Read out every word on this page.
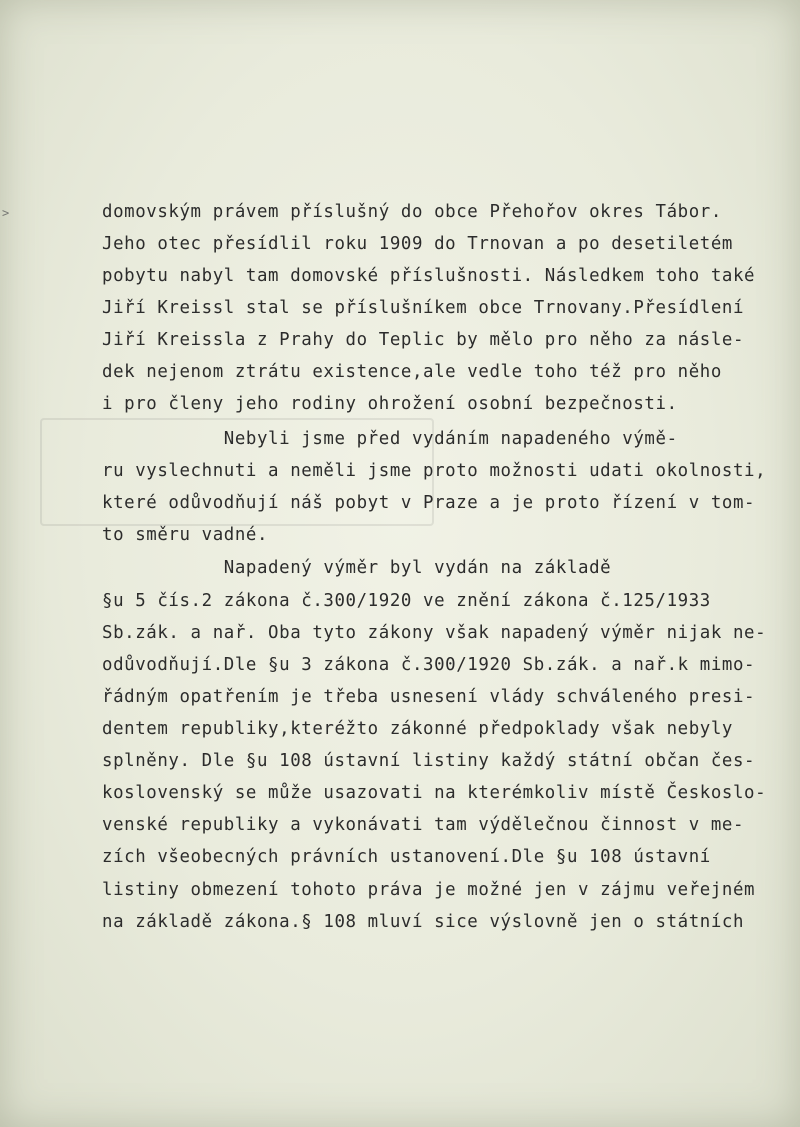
>	domovským právem příslušný do obce Přehořov okres Tábor.
Jeho otec přesídlil roku 1909 do Trnovan a po desetiletém
pobytu nabyl tam domovské příslušnosti. Následkem toho také
Jiří Kreissl stal se příslušníkem obce Trnovany.Přesídlení
Jiří Kreissla z Prahy do Teplic by mělo pro něho za násle-
dek nejenom ztrátu existence,ale vedle toho též pro něho
i pro členy jeho rodiny ohrožení osobní bezpečnosti.
Nebyli jsme před vydáním napadeného výmě-
ru vyslechnuti a neměli jsme proto možnosti udati okolnosti,
které odůvodňují náš pobyt v Praze a je proto řízení v tom-
to směru vadné.
Napadený výměr byl vydán na základě
§u 5 čís.2 zákona č.300/1920 ve znění zákona č.125/1933
Sb.zák. a nař. Oba tyto zákony však napadený výměr nijak ne-
odůvodňují.Dle §u 3 zákona č.300/1920 Sb.zák. a nař.k mimo-
řádným opatřením je třeba usnesení vlády schváleného presi-
dentem republiky,kteréžto zákonné předpoklady však nebyly
splněny. Dle §u 108 ústavní listiny každý státní občan čes-
koslovenský se může usazovati na kterémkoliv místě Českoslo-
venské republiky a vykonávati tam výdělečnou činnost v me-
zích všeobecných právních ustanovení.Dle §u 108 ústavní
listiny obmezení tohoto práva je možné jen v zájmu veřejném
na základě zákona.§ 108 mluví sice výslovně jen o státních
